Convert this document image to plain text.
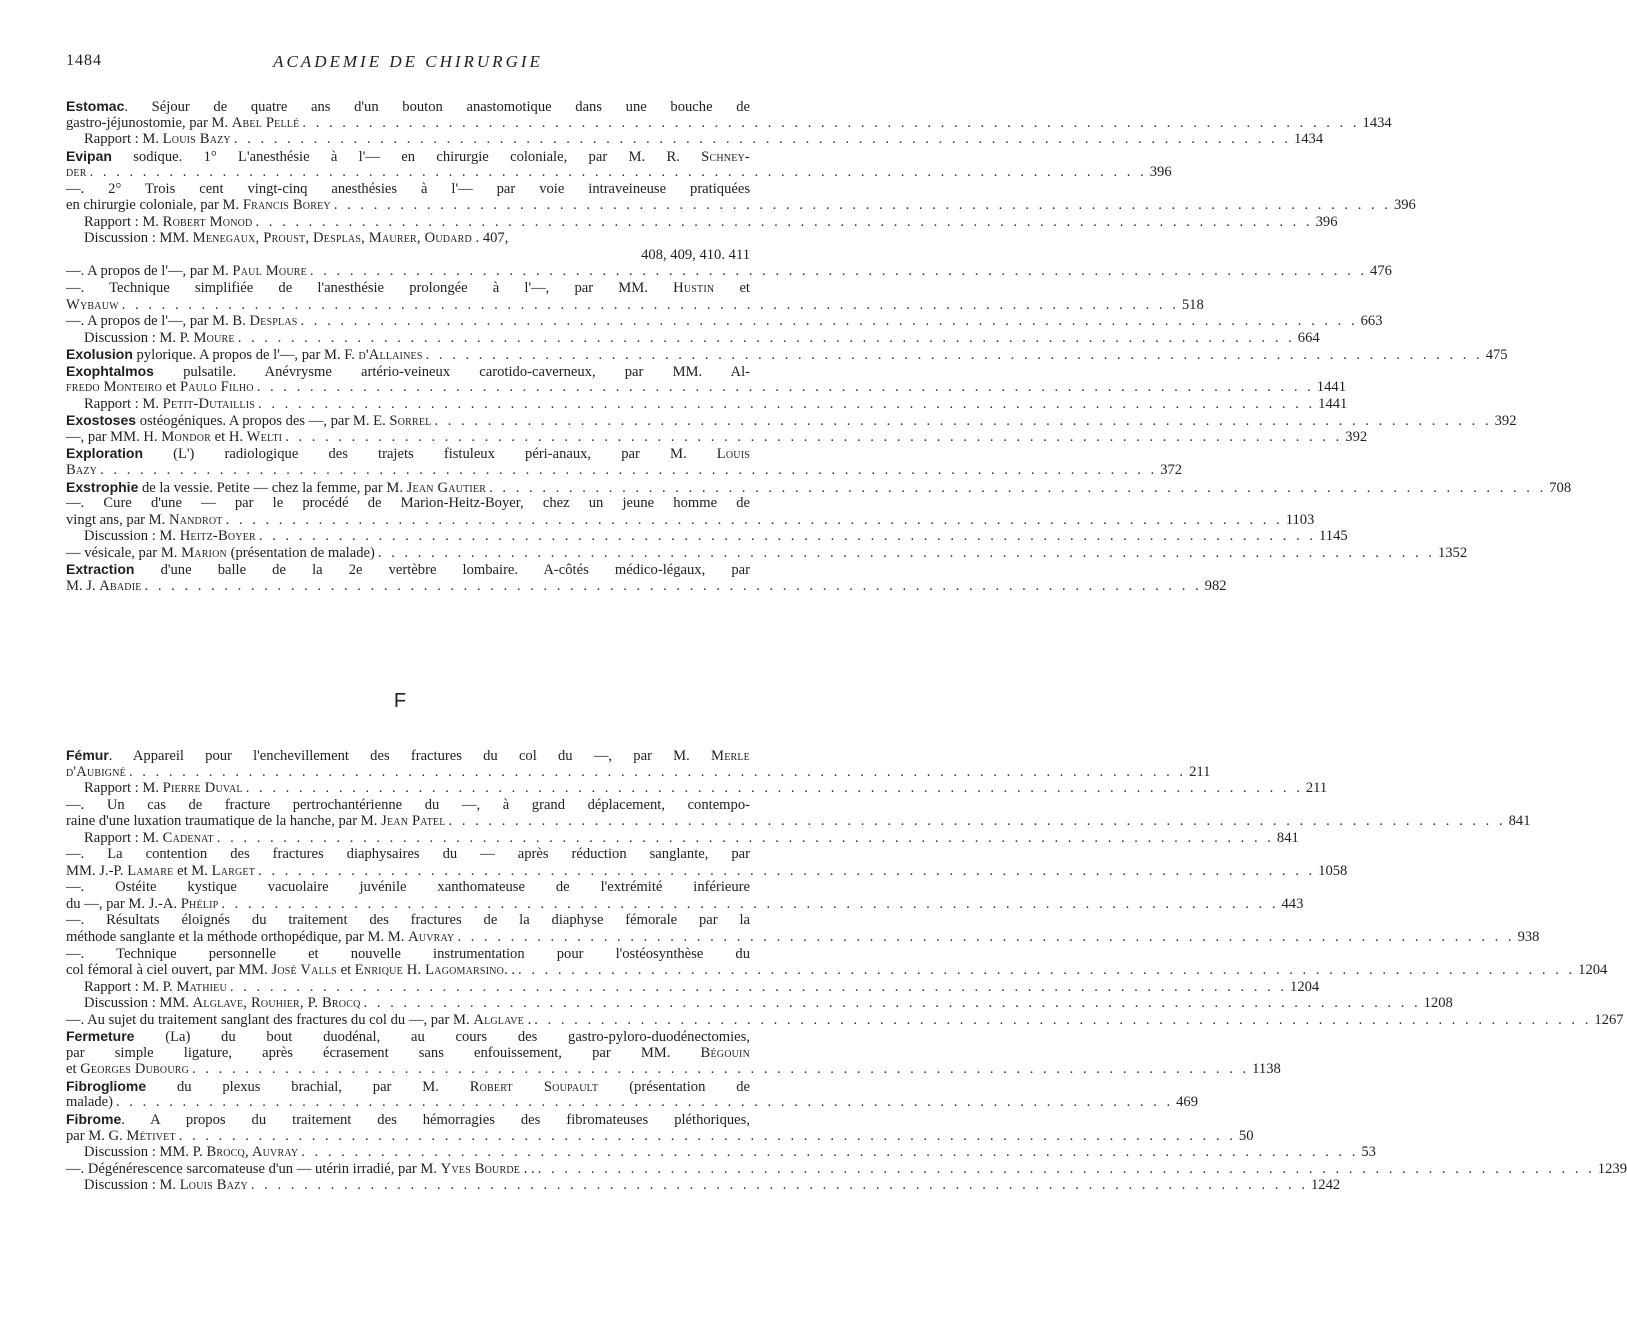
1484	ACADEMIE DE CHIRURGIE
Estomac. Séjour de quatre ans d'un bouton anastomotique dans une bouche de
gastro-jéjunostomie, par M. Abel Pellé . . . . . . . . . . . . . . . . . . . . . . . . . . . . . . . . . . . . . . . . . . . . . . . . . . . . . . . . . . . . . . . . . . . . . . . . . . . . . . . . 1434
Rapport : M. Louis Bazy . . . . . . . . . . . . . . . . . . . . . . . . . . . . . . . . . . . . . . . . . . . . . . . . . . . . . . . . . . . . . . . . . . . . . . . . . . . . . . . . 1434
Evipan sodique. 1° L'anesthésie à l'— en chirurgie coloniale, par M. R. Schney-
der . . . . . . . . . . . . . . . . . . . . . . . . . . . . . . . . . . . . . . . . . . . . . . . . . . . . . . . . . . . . . . . . . . . . . . . . . . . . . . . . 396
—. 2° Trois cent vingt-cinq anesthésies à l'— par voie intraveineuse pratiquées
en chirurgie coloniale, par M. Francis Borey . . . . . . . . . . . . . . . . . . . . . . . . . . . . . . . . . . . . . . . . . . . . . . . . . . . . . . . . . . . . . . . . . . . . . . . . . . . . . . . . 396
Rapport : M. Robert Monod . . . . . . . . . . . . . . . . . . . . . . . . . . . . . . . . . . . . . . . . . . . . . . . . . . . . . . . . . . . . . . . . . . . . . . . . . . . . . . . . 396
Discussion : MM. Menegaux, Proust, Desplas, Maurer, Oudard . 407,
408, 409, 410. 411
—. A propos de l'—, par M. Paul Moure . . . . . . . . . . . . . . . . . . . . . . . . . . . . . . . . . . . . . . . . . . . . . . . . . . . . . . . . . . . . . . . . . . . . . . . . . . . . . . . . 476
—. Technique simplifiée de l'anesthésie prolongée à l'—, par MM. Hustin et
Wybauw . . . . . . . . . . . . . . . . . . . . . . . . . . . . . . . . . . . . . . . . . . . . . . . . . . . . . . . . . . . . . . . . . . . . . . . . . . . . . . . . 518
—. A propos de l'—, par M. B. Desplas . . . . . . . . . . . . . . . . . . . . . . . . . . . . . . . . . . . . . . . . . . . . . . . . . . . . . . . . . . . . . . . . . . . . . . . . . . . . . . . . 663
Discussion : M. P. Moure . . . . . . . . . . . . . . . . . . . . . . . . . . . . . . . . . . . . . . . . . . . . . . . . . . . . . . . . . . . . . . . . . . . . . . . . . . . . . . . . 664
Exolusion pylorique. A propos de l'—, par M. F. d'Allaines . . . . . . . . . . . . . . . . . . . . . . . . . . . . . . . . . . . . . . . . . . . . . . . . . . . . . . . . . . . . . . . . . . . . . . . . . . . . . . . . 475
Exophtalmos pulsatile. Anévrysme artério-veineux carotido-caverneux, par MM. Al-
fredo Monteiro et Paulo Filho . . . . . . . . . . . . . . . . . . . . . . . . . . . . . . . . . . . . . . . . . . . . . . . . . . . . . . . . . . . . . . . . . . . . . . . . . . . . . . . . 1441
Rapport : M. Petit-Dutaillis . . . . . . . . . . . . . . . . . . . . . . . . . . . . . . . . . . . . . . . . . . . . . . . . . . . . . . . . . . . . . . . . . . . . . . . . . . . . . . . . 1441
Exostoses ostéogéniques. A propos des —, par M. E. Sorrel . . . . . . . . . . . . . . . . . . . . . . . . . . . . . . . . . . . . . . . . . . . . . . . . . . . . . . . . . . . . . . . . . . . . . . . . . . . . . . . . 392
—, par MM. H. Mondor et H. Welti . . . . . . . . . . . . . . . . . . . . . . . . . . . . . . . . . . . . . . . . . . . . . . . . . . . . . . . . . . . . . . . . . . . . . . . . . . . . . . . . 392
Exploration (L') radiologique des trajets fistuleux péri-anaux, par M. Louis
Bazy . . . . . . . . . . . . . . . . . . . . . . . . . . . . . . . . . . . . . . . . . . . . . . . . . . . . . . . . . . . . . . . . . . . . . . . . . . . . . . . . 372
Exstrophie de la vessie. Petite — chez la femme, par M. Jean Gautier . . . . . . . . . . . . . . . . . . . . . . . . . . . . . . . . . . . . . . . . . . . . . . . . . . . . . . . . . . . . . . . . . . . . . . . . . . . . . . . . 708
—. Cure d'une — par le procédé de Marion-Heitz-Boyer, chez un jeune homme de
vingt ans, par M. Nandrot . . . . . . . . . . . . . . . . . . . . . . . . . . . . . . . . . . . . . . . . . . . . . . . . . . . . . . . . . . . . . . . . . . . . . . . . . . . . . . . . 1103
Discussion : M. Heitz-Boyer . . . . . . . . . . . . . . . . . . . . . . . . . . . . . . . . . . . . . . . . . . . . . . . . . . . . . . . . . . . . . . . . . . . . . . . . . . . . . . . . 1145
— vésicale, par M. Marion (présentation de malade) . . . . . . . . . . . . . . . . . . . . . . . . . . . . . . . . . . . . . . . . . . . . . . . . . . . . . . . . . . . . . . . . . . . . . . . . . . . . . . . . 1352
Extraction d'une balle de la 2e vertèbre lombaire. A-côtés médico-légaux, par
M. J. Abadie . . . . . . . . . . . . . . . . . . . . . . . . . . . . . . . . . . . . . . . . . . . . . . . . . . . . . . . . . . . . . . . . . . . . . . . . . . . . . . . . 982
F
Fémur. Appareil pour l'enchevillement des fractures du col du —, par M. Merle
d'Aubigné . . . . . . . . . . . . . . . . . . . . . . . . . . . . . . . . . . . . . . . . . . . . . . . . . . . . . . . . . . . . . . . . . . . . . . . . . . . . . . . . 211
Rapport : M. Pierre Duval . . . . . . . . . . . . . . . . . . . . . . . . . . . . . . . . . . . . . . . . . . . . . . . . . . . . . . . . . . . . . . . . . . . . . . . . . . . . . . . . 211
—. Un cas de fracture pertrochantérienne du —, à grand déplacement, contempo-
raine d'une luxation traumatique de la hanche, par M. Jean Patel . . . . . . . . . . . . . . . . . . . . . . . . . . . . . . . . . . . . . . . . . . . . . . . . . . . . . . . . . . . . . . . . . . . . . . . . . . . . . . . . 841
Rapport : M. Cadenat . . . . . . . . . . . . . . . . . . . . . . . . . . . . . . . . . . . . . . . . . . . . . . . . . . . . . . . . . . . . . . . . . . . . . . . . . . . . . . . . 841
—. La contention des fractures diaphysaires du — après réduction sanglante, par
MM. J.-P. Lamare et M. Larget . . . . . . . . . . . . . . . . . . . . . . . . . . . . . . . . . . . . . . . . . . . . . . . . . . . . . . . . . . . . . . . . . . . . . . . . . . . . . . . . 1058
—. Ostéite kystique vacuolaire juvénile xanthomateuse de l'extrémité inférieure
du —, par M. J.-A. Phélip . . . . . . . . . . . . . . . . . . . . . . . . . . . . . . . . . . . . . . . . . . . . . . . . . . . . . . . . . . . . . . . . . . . . . . . . . . . . . . . . 443
—. Résultats éloignés du traitement des fractures de la diaphyse fémorale par la
méthode sanglante et la méthode orthopédique, par M. M. Auvray . . . . . . . . . . . . . . . . . . . . . . . . . . . . . . . . . . . . . . . . . . . . . . . . . . . . . . . . . . . . . . . . . . . . . . . . . . . . . . . . 938
—. Technique personnelle et nouvelle instrumentation pour l'ostéosynthèse du
col fémoral à ciel ouvert, par MM. José Valls et Enrique H. Lagomarsino. . . . . . . . . . . . . . . . . . . . . . . . . . . . . . . . . . . . . . . . . . . . . . . . . . . . . . . . . . . . . . . . . . . . . . . . . . . . . . . . . . 1204
Rapport : M. P. Mathieu . . . . . . . . . . . . . . . . . . . . . . . . . . . . . . . . . . . . . . . . . . . . . . . . . . . . . . . . . . . . . . . . . . . . . . . . . . . . . . . . 1204
Discussion : MM. Alglave, Rouhier, P. Brocq . . . . . . . . . . . . . . . . . . . . . . . . . . . . . . . . . . . . . . . . . . . . . . . . . . . . . . . . . . . . . . . . . . . . . . . . . . . . . . . . 1208
—. Au sujet du traitement sanglant des fractures du col du —, par M. Alglave . . . . . . . . . . . . . . . . . . . . . . . . . . . . . . . . . . . . . . . . . . . . . . . . . . . . . . . . . . . . . . . . . . . . . . . . . . . . . . . . . 1267
Fermeture (La) du bout duodénal, au cours des gastro-pyloro-duodénectomies,
par simple ligature, après écrasement sans enfouissement, par MM. Bégouin
et Georges Dubourg . . . . . . . . . . . . . . . . . . . . . . . . . . . . . . . . . . . . . . . . . . . . . . . . . . . . . . . . . . . . . . . . . . . . . . . . . . . . . . . . 1138
Fibrogliome du plexus brachial, par M. Robert Soupault (présentation de
malade) . . . . . . . . . . . . . . . . . . . . . . . . . . . . . . . . . . . . . . . . . . . . . . . . . . . . . . . . . . . . . . . . . . . . . . . . . . . . . . . . 469
Fibrome. A propos du traitement des hémorragies des fibromateuses pléthoriques,
par M. G. Métivet . . . . . . . . . . . . . . . . . . . . . . . . . . . . . . . . . . . . . . . . . . . . . . . . . . . . . . . . . . . . . . . . . . . . . . . . . . . . . . . . 50
Discussion : MM. P. Brocq, Auvray . . . . . . . . . . . . . . . . . . . . . . . . . . . . . . . . . . . . . . . . . . . . . . . . . . . . . . . . . . . . . . . . . . . . . . . . . . . . . . . . 53
—. Dégénérescence sarcomateuse d'un — utérin irradié, par M. Yves Bourde . . . . . . . . . . . . . . . . . . . . . . . . . . . . . . . . . . . . . . . . . . . . . . . . . . . . . . . . . . . . . . . . . . . . . . . . . . . . . . . . . . 1239
Discussion : M. Louis Bazy . . . . . . . . . . . . . . . . . . . . . . . . . . . . . . . . . . . . . . . . . . . . . . . . . . . . . . . . . . . . . . . . . . . . . . . . . . . . . . . . 1242
